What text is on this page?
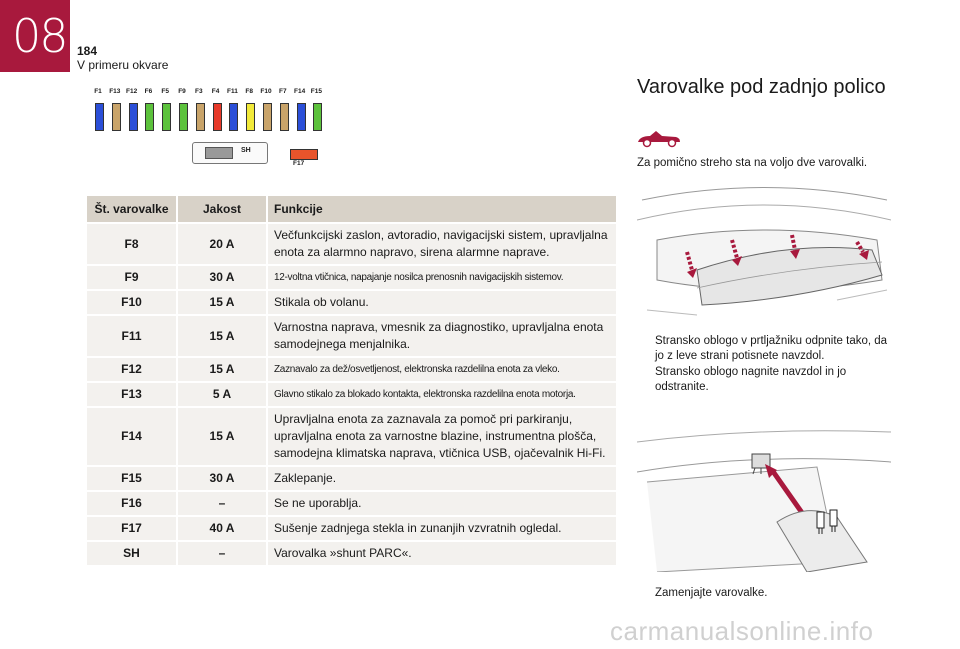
08 184
V primeru okvare
SH
F17
F1	F13 F12	F6	F5	F9	F3	F4	F11	F8	F10	F7	F14 F15
Št. varovalke	Jakost	Funkcije
F8	20 A	Večfunkcijski zaslon, avtoradio, navigacijski sistem, upravljalna enota za alarmno napravo, sirena alarmne naprave.
F9	30 A	12-voltna vtičnica, napajanje nosilca prenosnih navigacijskih sistemov.
F10	15 A	Stikala ob volanu.
F11	15 A	Varnostna naprava, vmesnik za diagnostiko, upravljalna enota samodejnega menjalnika.
F12	15 A	Zaznavalo za dež/osvetljenost, elektronska razdelilna enota za vleko.
F13	5 A	Glavno stikalo za blokado kontakta, elektronska razdelilna enota motorja.
F14	15 A	Upravljalna enota za zaznavala za pomoč pri parkiranju, upravljalna enota za varnostne blazine, instrumentna plošča, samodejna klimatska naprava, vtičnica USB, ojačevalnik Hi-Fi.
F15	30 A	Zaklepanje.
F16	–	Se ne uporablja.
F17	40 A	Sušenje zadnjega stekla in zunanjih vzvratnih ogledal.
SH	–	Varovalka »shunt PARC«.
Varovalke pod zadnjo polico
Za pomično streho sta na voljo dve varovalki.
Stransko oblogo v prtljažniku odpnite tako, da jo z leve strani potisnete navzdol.
Stransko oblogo nagnite navzdol in jo odstranite.
Zamenjajte varovalke.
carmanualsonline.info
